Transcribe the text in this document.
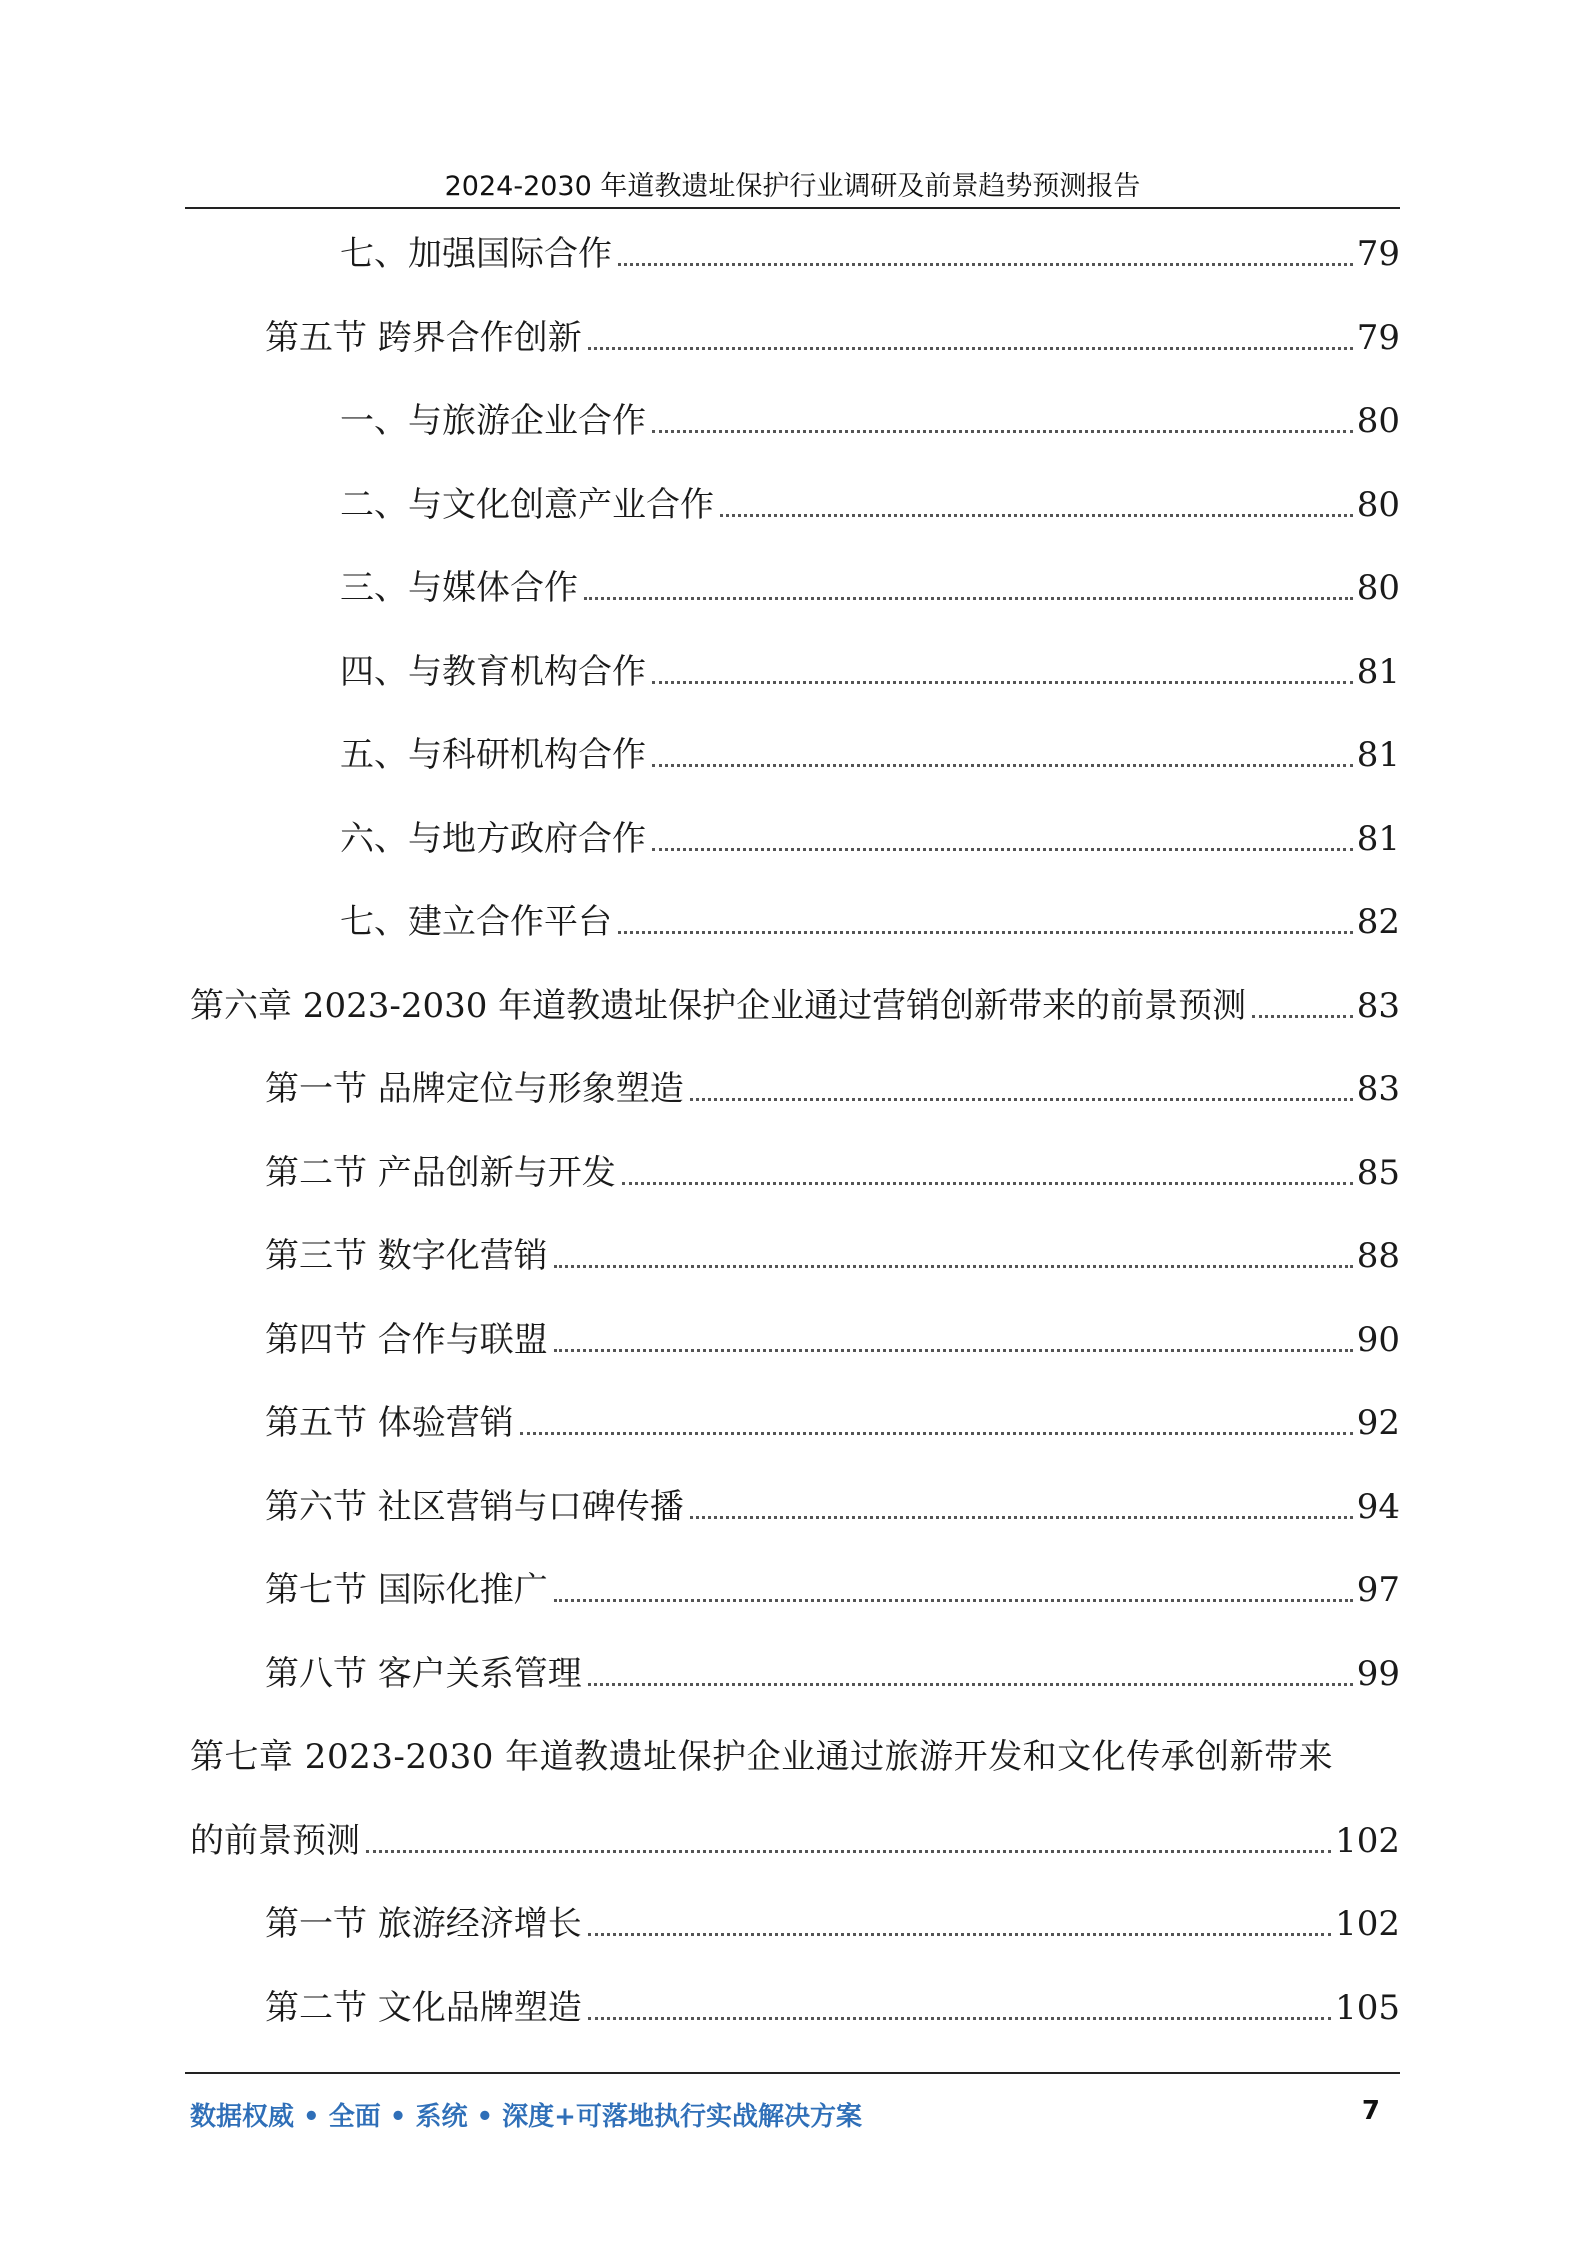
2024-2030 年道教遗址保护行业调研及前景趋势预测报告
七、加强国际合作	79
第五节 跨界合作创新	79
一、与旅游企业合作	80
二、与文化创意产业合作	80
三、与媒体合作	80
四、与教育机构合作	81
五、与科研机构合作	81
六、与地方政府合作	81
七、建立合作平台	82
第六章 2023-2030 年道教遗址保护企业通过营销创新带来的前景预测	83
第一节 品牌定位与形象塑造	83
第二节 产品创新与开发	85
第三节 数字化营销	88
第四节 合作与联盟	90
第五节 体验营销	92
第六节 社区营销与口碑传播	94
第七节 国际化推广	97
第八节 客户关系管理	99
第七章 2023-2030 年道教遗址保护企业通过旅游开发和文化传承创新带来
的前景预测	102
第一节 旅游经济增长	102
第二节 文化品牌塑造	105
数据权威 • 全面 • 系统 • 深度+可落地执行实战解决方案	7
